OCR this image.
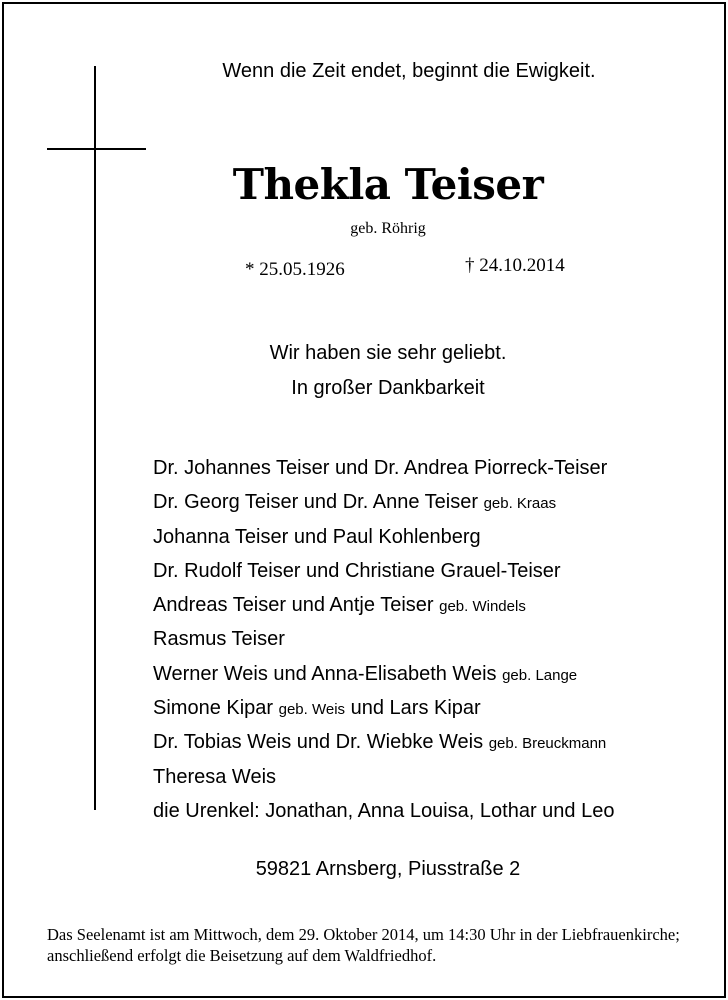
Wenn die Zeit endet, beginnt die Ewigkeit.
Thekla Teiser
geb. Röhrig
* 25.05.1926	† 24.10.2014
Wir haben sie sehr geliebt.
In großer Dankbarkeit
Dr. Johannes Teiser und Dr. Andrea Piorreck-Teiser
Dr. Georg Teiser und Dr. Anne Teiser geb. Kraas
Johanna Teiser und Paul Kohlenberg
Dr. Rudolf Teiser und Christiane Grauel-Teiser
Andreas Teiser und Antje Teiser geb. Windels
Rasmus Teiser
Werner Weis und Anna-Elisabeth Weis geb. Lange
Simone Kipar geb. Weis und Lars Kipar
Dr. Tobias Weis und Dr. Wiebke Weis geb. Breuckmann
Theresa Weis
die Urenkel: Jonathan, Anna Louisa, Lothar und Leo
59821 Arnsberg, Piusstraße 2
Das Seelenamt ist am Mittwoch, dem 29. Oktober 2014, um 14:30 Uhr in der Liebfrauenkirche; anschließend erfolgt die Beisetzung auf dem Waldfriedhof.
